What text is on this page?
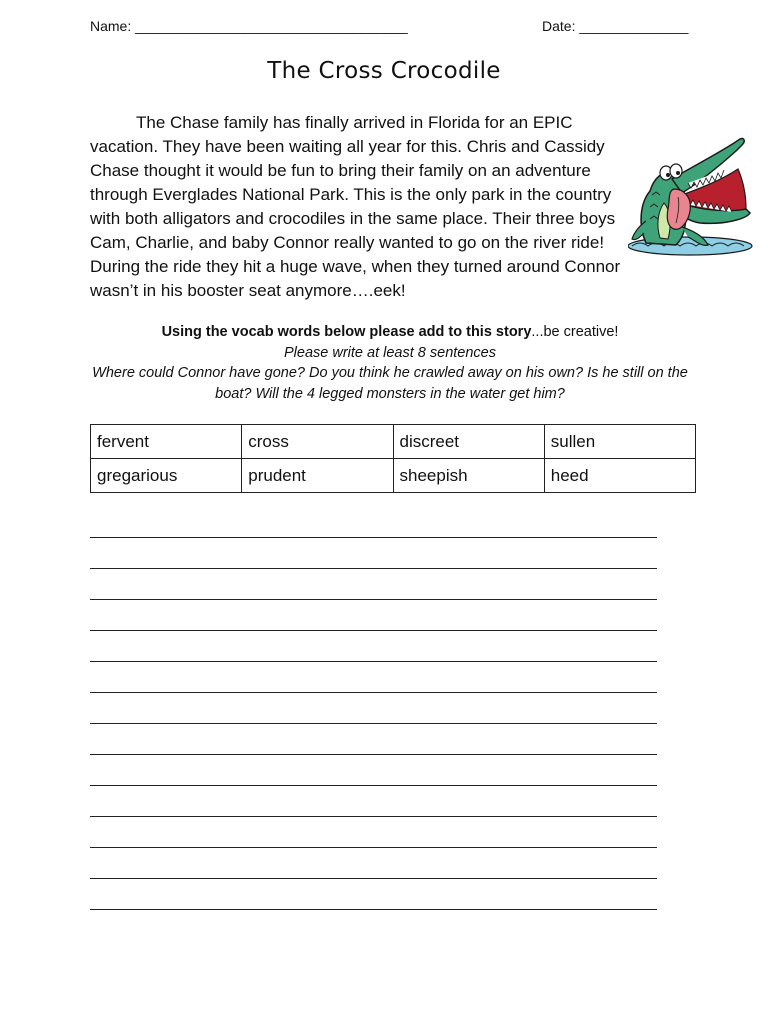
Name: ___________________________________	Date: ______________
The Cross Crocodile

The Chase family has finally arrived in Florida for an EPIC vacation. They have been waiting all year for this. Chris and Cassidy Chase thought it would be fun to bring their family on an adventure through Everglades National Park. This is the only park in the country with both alligators and crocodiles in the same place. Their three boys Cam, Charlie, and baby Connor really wanted to go on the river ride! During the ride they hit a huge wave, when they turned around Connor wasn’t in his booster seat anymore….eek!

Using the vocab words below please add to this story...be creative!
Please write at least 8 sentences
Where could Connor have gone? Do you think he crawled away on his own? Is he still on the boat? Will the 4 legged monsters in the water get him?
fervent	cross	discreet	sullen
gregarious	prudent	sheepish	heed
